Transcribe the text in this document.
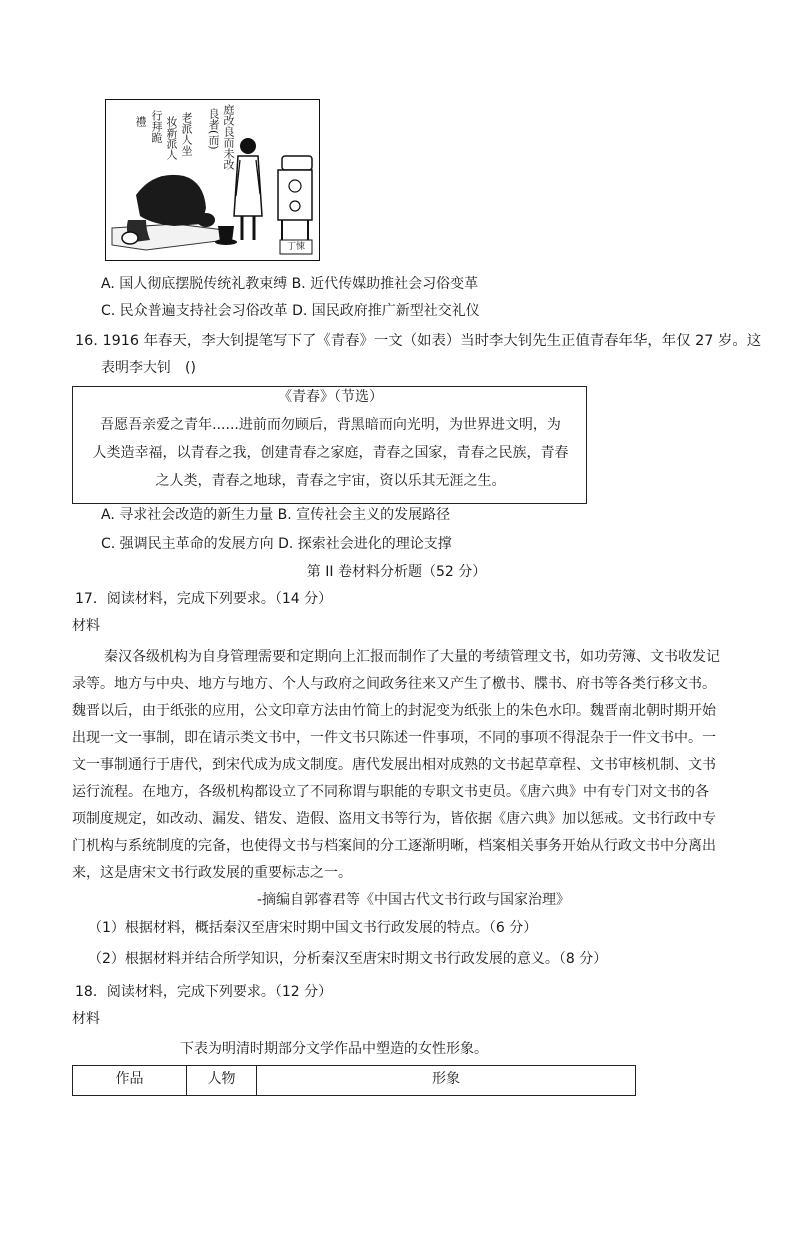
庭改良而未改
良者(而)
老派人坐
妆新派人
行拜跪
禮
丁悚
A. 国人彻底摆脱传统礼教束缚 B. 近代传媒助推社会习俗变革
C. 民众普遍支持社会习俗改革 D. 国民政府推广新型社交礼仪
16. 1916 年春天，李大钊提笔写下了《青春》一文（如表）当时李大钊先生正值青春年华，年仅 27 岁。这
表明李大钊　()
《青春》（节选）
吾愿吾亲爱之青年......进前而勿顾后，背黑暗而向光明，为世界进文明，为
人类造幸福，以青春之我，创建青春之家庭，青春之国家，青春之民族，青春
之人类，青春之地球，青春之宇宙，资以乐其无涯之生。
A. 寻求社会改造的新生力量 B. 宣传社会主义的发展路径
C. 强调民主革命的发展方向 D. 探索社会进化的理论支撑
第 II 卷材料分析题（52 分）
17．阅读材料，完成下列要求。（14 分）
材料
秦汉各级机构为自身管理需要和定期向上汇报而制作了大量的考绩管理文书，如功劳簿、文书收发记
录等。地方与中央、地方与地方、个人与政府之间政务往来又产生了檄书、牒书、府书等各类行移文书。
魏晋以后，由于纸张的应用，公文印章方法由竹简上的封泥变为纸张上的朱色水印。魏晋南北朝时期开始
出现一文一事制，即在请示类文书中，一件文书只陈述一件事项，不同的事项不得混杂于一件文书中。一
文一事制通行于唐代，到宋代成为成文制度。唐代发展出相对成熟的文书起草章程、文书审核机制、文书
运行流程。在地方，各级机构都设立了不同称谓与职能的专职文书吏员。《唐六典》中有专门对文书的各
项制度规定，如改动、漏发、错发、造假、盗用文书等行为，皆依据《唐六典》加以惩戒。文书行政中专
门机构与系统制度的完备，也使得文书与档案间的分工逐渐明晰，档案相关事务开始从行政文书中分离出
来，这是唐宋文书行政发展的重要标志之一。
-摘编自郭睿君等《中国古代文书行政与国家治理》
（1）根据材料，概括秦汉至唐宋时期中国文书行政发展的特点。（6 分）
（2）根据材料并结合所学知识，分析秦汉至唐宋时期文书行政发展的意义。（8 分）
18．阅读材料，完成下列要求。（12 分）
材料
下表为明清时期部分文学作品中塑造的女性形象。
作品	人物	形象
